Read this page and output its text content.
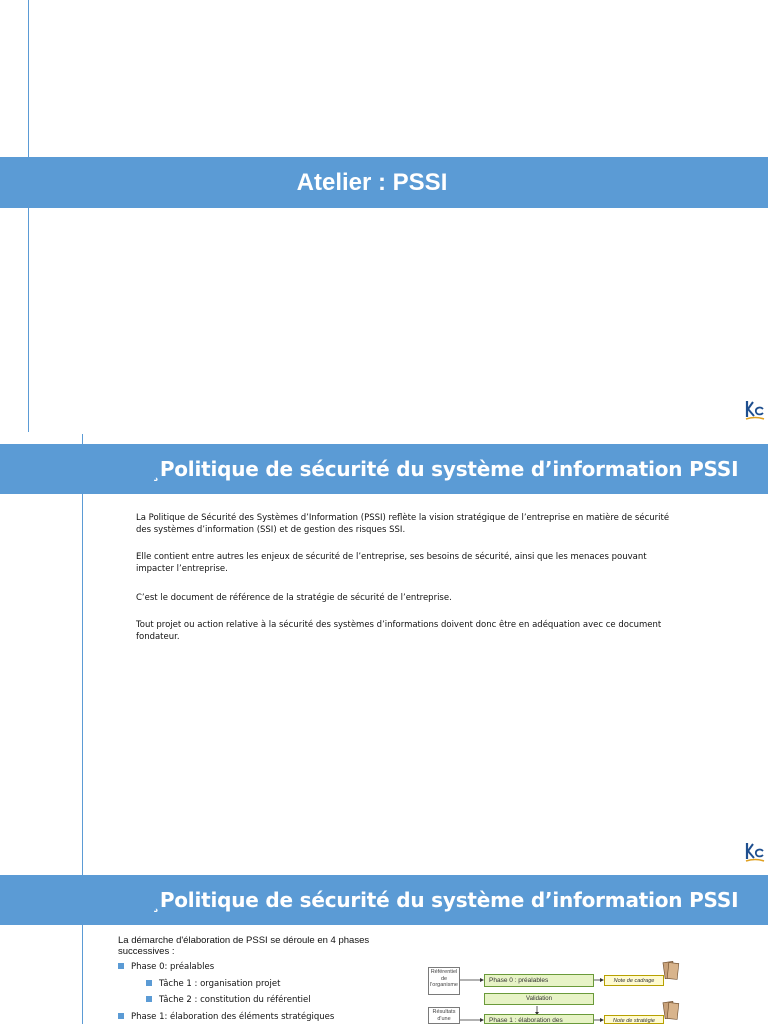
Atelier : PSSI
¸Politique de sécurité du système d’information PSSI

La Politique de Sécurité des Systèmes d’Information (PSSI) reflète la vision stratégique de l’entreprise en matière de sécurité des systèmes d’information (SSI) et de gestion des risques SSI.

Elle contient entre autres les enjeux de sécurité de l’entreprise, ses besoins de sécurité, ainsi que les menaces pouvant impacter l’entreprise.

C’est le document de référence de la stratégie de sécurité de l’entreprise.

Tout projet ou action relative à la sécurité des systèmes d’informations doivent donc être en adéquation avec ce document fondateur.

¸Politique de sécurité du système d’information PSSI

La démarche d'élaboration de PSSI se déroule en 4 phases successives :

Phase 0: préalables
Tâche 1 : organisation projet
Tâche 2 : constitution du référentiel
Phase 1: élaboration des éléments stratégiques
Référentiel de l'organisme
Phase 0 : préalables	Note de cadrage
Validation
Résultats d'une	Phase 1 : élaboration des	Note de stratégie
